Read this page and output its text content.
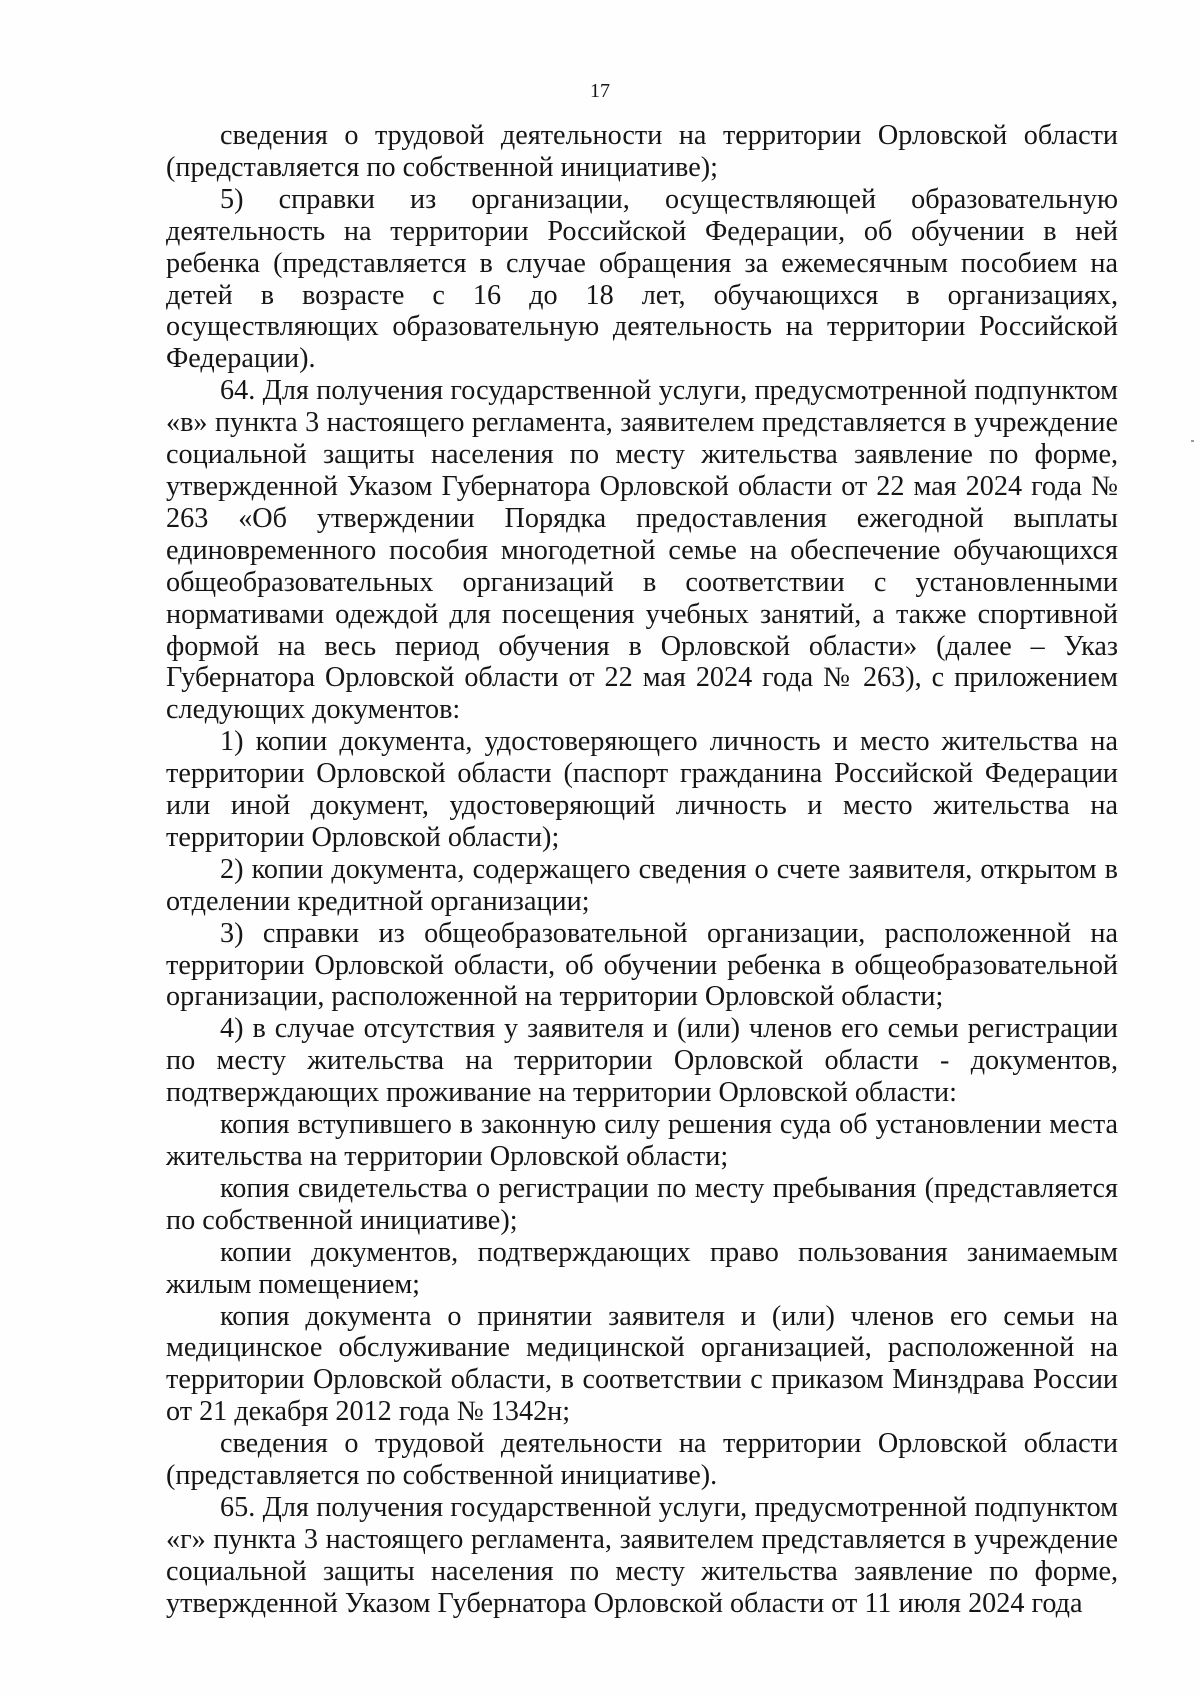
17

сведения о трудовой деятельности на территории Орловской области (представляется по собственной инициативе);

5) справки из организации, осуществляющей образовательную деятельность на территории Российской Федерации, об обучении в ней ребенка (представляется в случае обращения за ежемесячным пособием на детей в возрасте с 16 до 18 лет, обучающихся в организациях, осуществляющих образовательную деятельность на территории Российской Федерации).

64. Для получения государственной услуги, предусмотренной подпунктом «в» пункта 3 настоящего регламента, заявителем представляется в учреждение социальной защиты населения по месту жительства заявление по форме, утвержденной Указом Губернатора Орловской области от 22 мая 2024 года № 263 «Об утверждении Порядка предоставления ежегодной выплаты единовременного пособия многодетной семье на обеспечение обучающихся общеобразовательных организаций в соответствии с установленными нормативами одеждой для посещения учебных занятий, а также спортивной формой на весь период обучения в Орловской области» (далее – Указ Губернатора Орловской области от 22 мая 2024 года № 263), с приложением следующих документов:

1) копии документа, удостоверяющего личность и место жительства на территории Орловской области (паспорт гражданина Российской Федерации или иной документ, удостоверяющий личность и место жительства на территории Орловской области);

2) копии документа, содержащего сведения о счете заявителя, открытом в отделении кредитной организации;

3) справки из общеобразовательной организации, расположенной на территории Орловской области, об обучении ребенка в общеобразовательной организации, расположенной на территории Орловской области;

4) в случае отсутствия у заявителя и (или) членов его семьи регистрации по месту жительства на территории Орловской области - документов, подтверждающих проживание на территории Орловской области:

копия вступившего в законную силу решения суда об установлении места жительства на территории Орловской области;

копия свидетельства о регистрации по месту пребывания (представляется по собственной инициативе);

копии документов, подтверждающих право пользования занимаемым жилым помещением;

копия документа о принятии заявителя и (или) членов его семьи на медицинское обслуживание медицинской организацией, расположенной на территории Орловской области, в соответствии с приказом Минздрава России от 21 декабря 2012 года № 1342н;

сведения о трудовой деятельности на территории Орловской области (представляется по собственной инициативе).

65. Для получения государственной услуги, предусмотренной подпунктом «г» пункта 3 настоящего регламента, заявителем представляется в учреждение социальной защиты населения по месту жительства заявление по форме, утвержденной Указом Губернатора Орловской области от 11 июля 2024 года
